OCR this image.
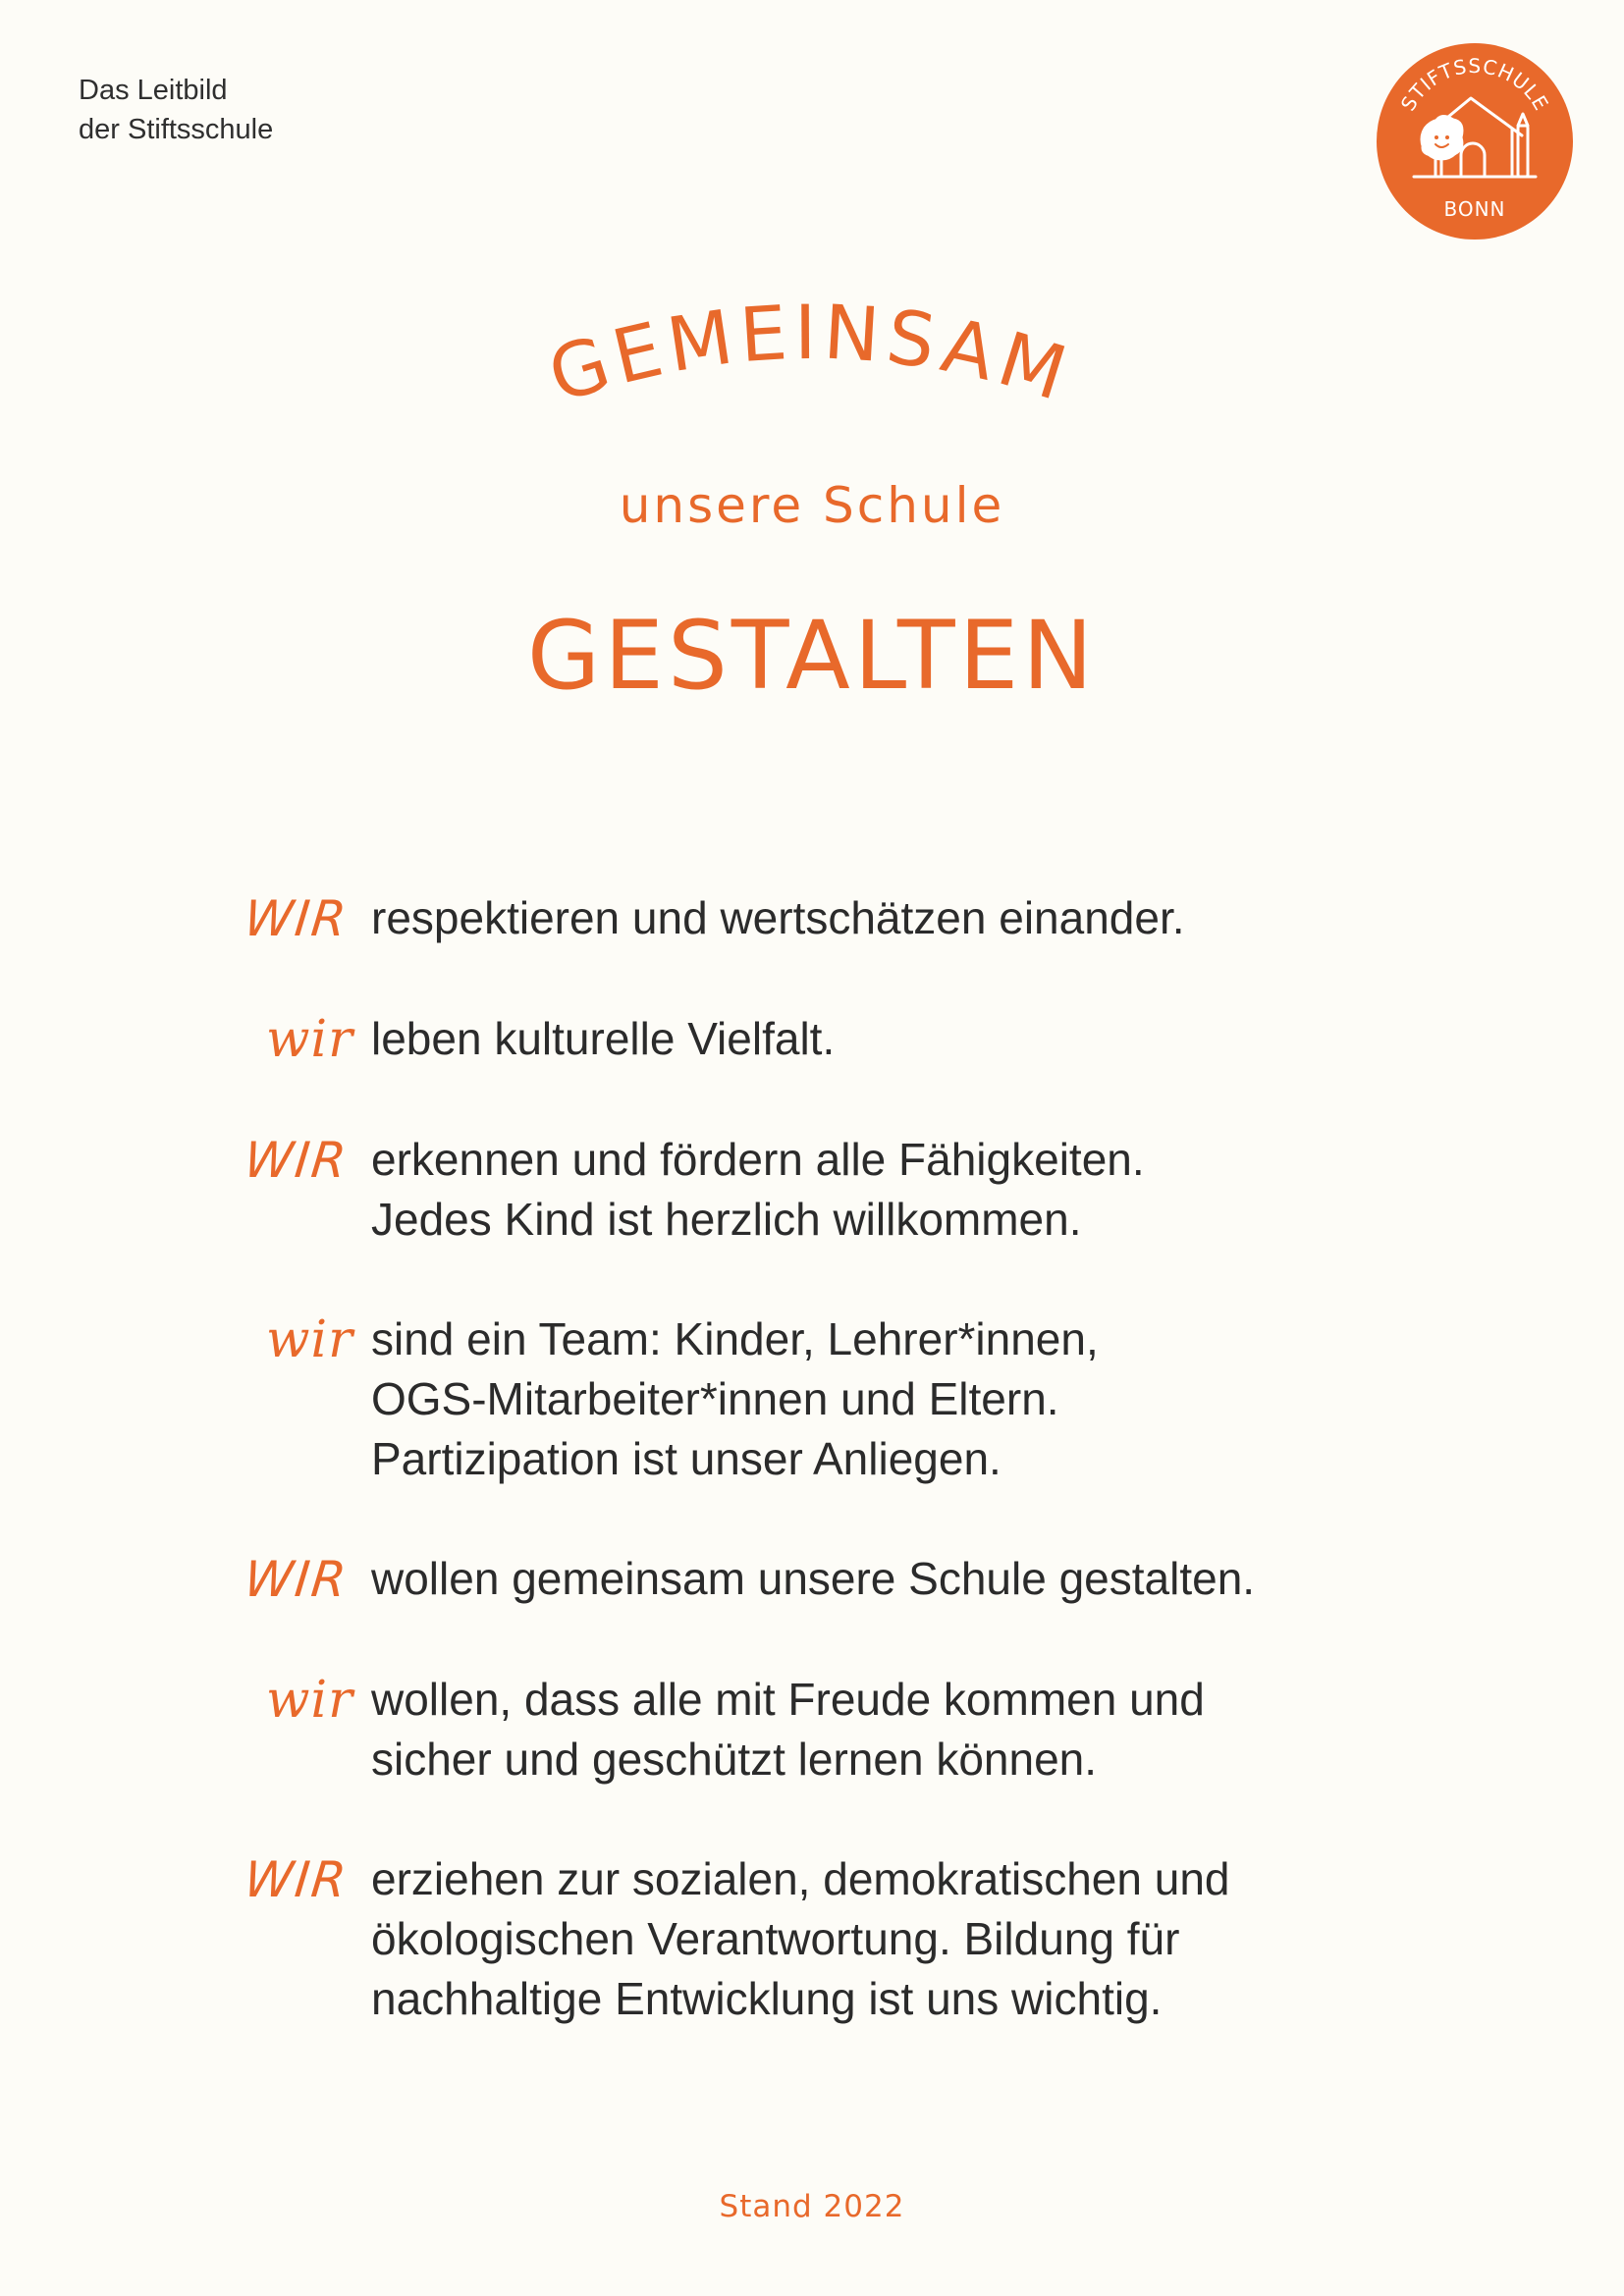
Das Leitbild
der Stiftsschule
STIFTSSCHULE
BONN
GEMEINSAM
unsere Schule
GESTALTEN
WIR respektieren und wertschätzen einander.
wir leben kulturelle Vielfalt.
WIR erkennen und fördern alle Fähigkeiten.
Jedes Kind ist herzlich willkommen.
wir sind ein Team: Kinder, Lehrer*innen,
OGS-Mitarbeiter*innen und Eltern.
Partizipation ist unser Anliegen.
WIR wollen gemeinsam unsere Schule gestalten.
wir wollen, dass alle mit Freude kommen und
sicher und geschützt lernen können.
WIR erziehen zur sozialen, demokratischen und
ökologischen Verantwortung. Bildung für
nachhaltige Entwicklung ist uns wichtig.
Stand 2022
